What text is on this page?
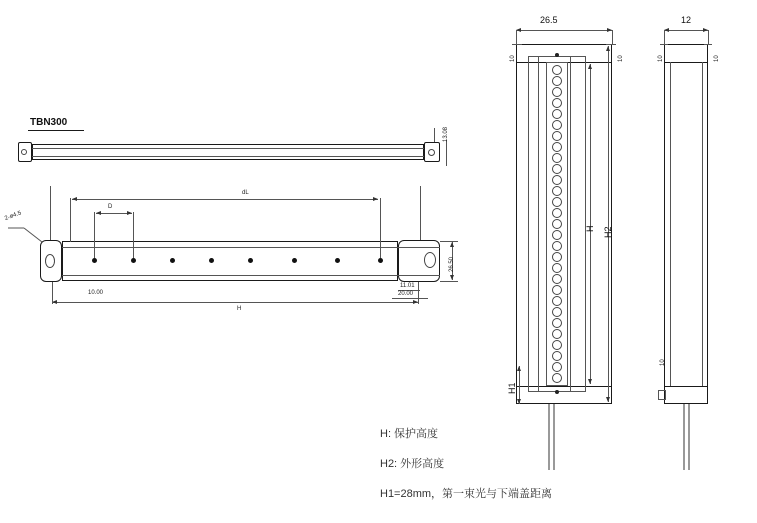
TBN300
13.08
dL
D
H
26.50
2-ø4.5
10.00
11.01
20.00
26.5
10	10
H H2
H1
12
10	10
10
H: 保护高度
H2: 外形高度
H1=28mm，第一束光与下端盖距离
